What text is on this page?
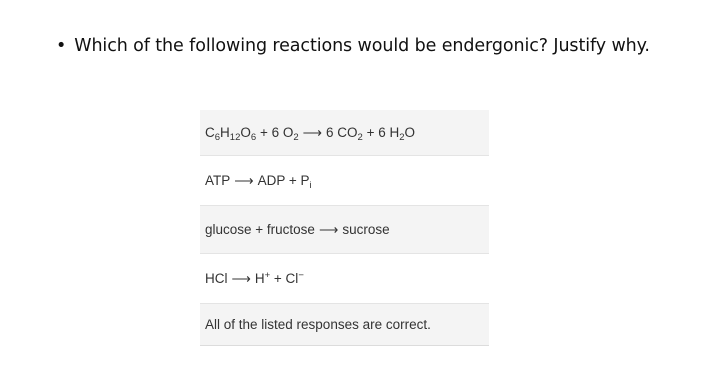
• Which of the following reactions would be endergonic? Justify why.
$C_6H_{12}O_6 + 6$ $O_2$ ⟶ 6 $CO_2 + 6$ $H_2O$
ATP ⟶ ADP + $P_i$
glucose + fructose ⟶ sucrose
HCl ⟶ H+ + Cl−
All of the listed responses are correct.
